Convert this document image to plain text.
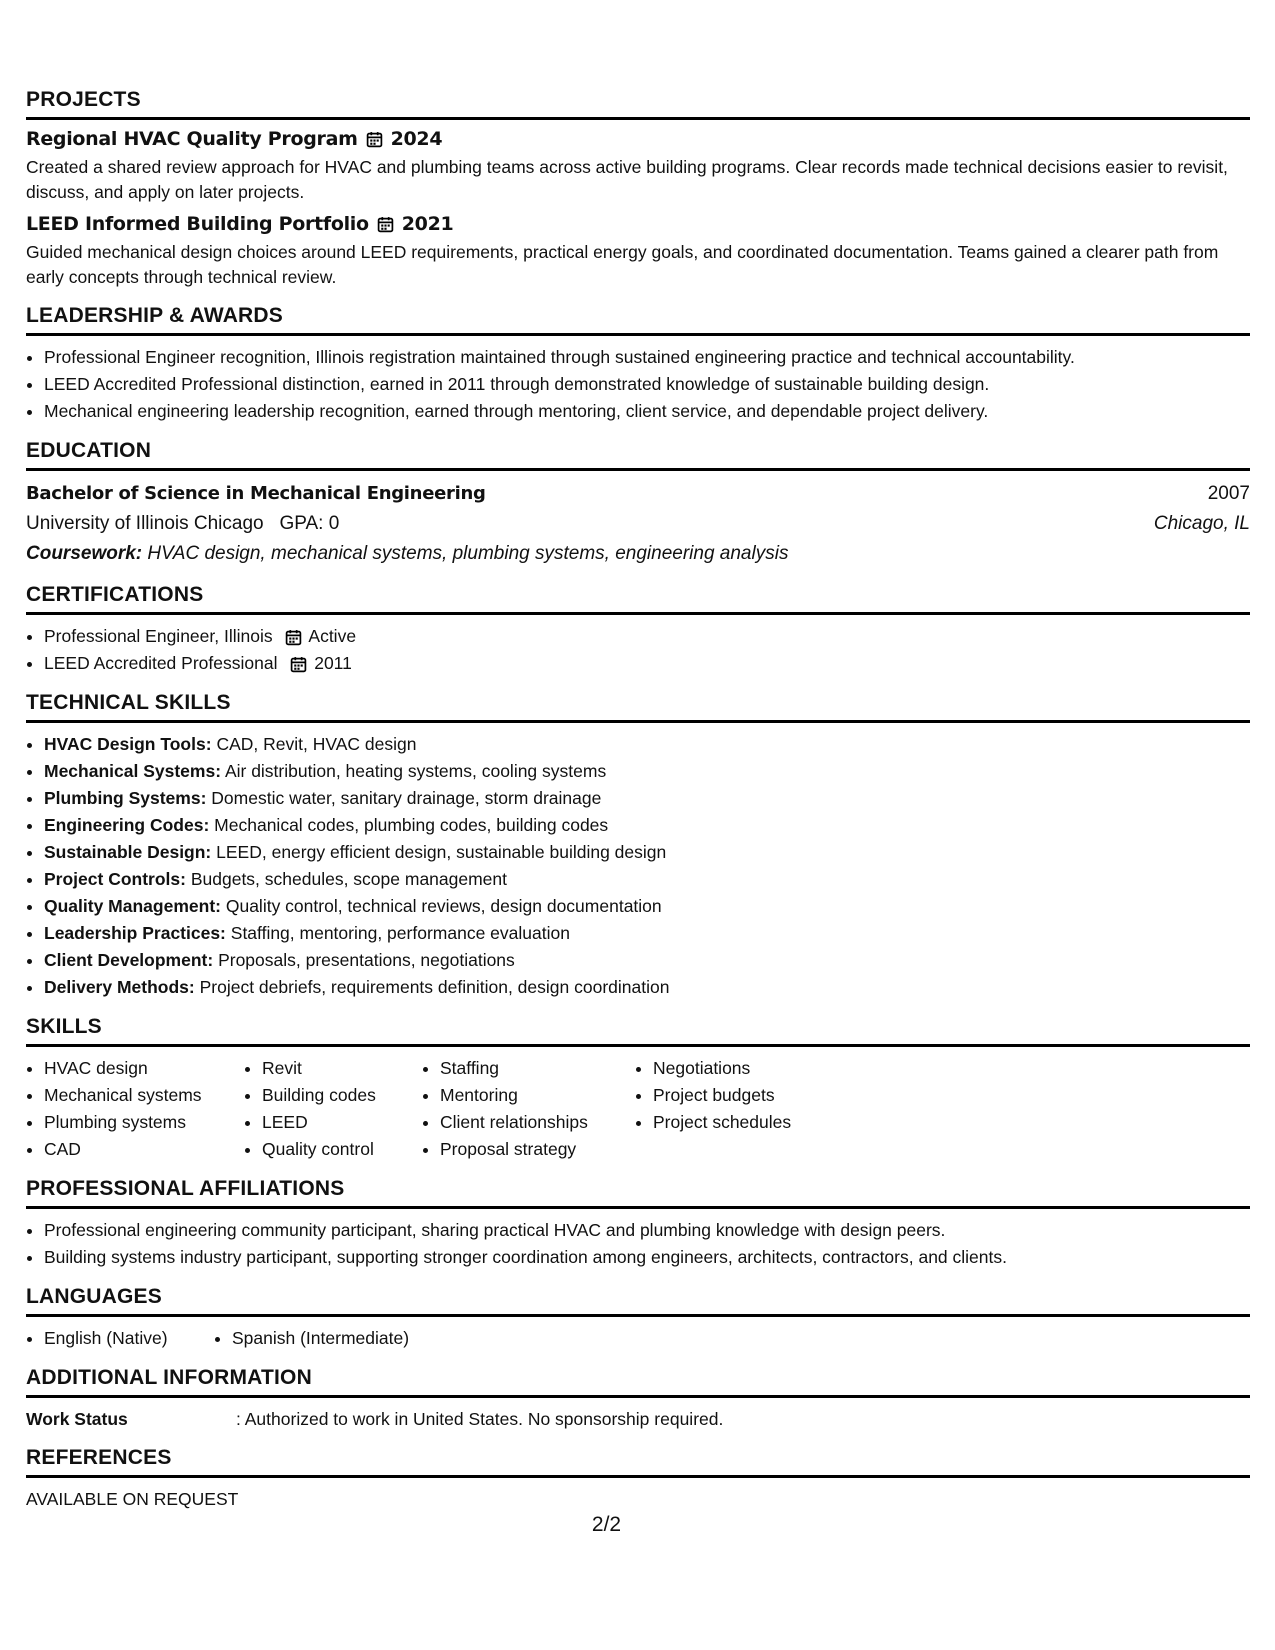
PROJECTS
Regional HVAC Quality Program 2024
Created a shared review approach for HVAC and plumbing teams across active building programs. Clear records made technical decisions easier to revisit, discuss, and apply on later projects.
LEED Informed Building Portfolio 2021
Guided mechanical design choices around LEED requirements, practical energy goals, and coordinated documentation. Teams gained a clearer path from early concepts through technical review.
LEADERSHIP & AWARDS
• Professional Engineer recognition, Illinois registration maintained through sustained engineering practice and technical accountability.
• LEED Accredited Professional distinction, earned in 2011 through demonstrated knowledge of sustainable building design.
• Mechanical engineering leadership recognition, earned through mentoring, client service, and dependable project delivery.
EDUCATION
Bachelor of Science in Mechanical Engineering	2007
University of Illinois Chicago GPA: 0	Chicago, IL
Coursework: HVAC design, mechanical systems, plumbing systems, engineering analysis
CERTIFICATIONS
• Professional Engineer, Illinois Active
• LEED Accredited Professional 2011
TECHNICAL SKILLS
• HVAC Design Tools: CAD, Revit, HVAC design
• Mechanical Systems: Air distribution, heating systems, cooling systems
• Plumbing Systems: Domestic water, sanitary drainage, storm drainage
• Engineering Codes: Mechanical codes, plumbing codes, building codes
• Sustainable Design: LEED, energy efficient design, sustainable building design
• Project Controls: Budgets, schedules, scope management
• Quality Management: Quality control, technical reviews, design documentation
• Leadership Practices: Staffing, mentoring, performance evaluation
• Client Development: Proposals, presentations, negotiations
• Delivery Methods: Project debriefs, requirements definition, design coordination
SKILLS
• HVAC design
• Mechanical systems
• Plumbing systems
• CAD
• Revit
• Building codes
• LEED
• Quality control
• Staffing
• Mentoring
• Client relationships
• Proposal strategy
• Negotiations
• Project budgets
• Project schedules
PROFESSIONAL AFFILIATIONS
• Professional engineering community participant, sharing practical HVAC and plumbing knowledge with design peers.
• Building systems industry participant, supporting stronger coordination among engineers, architects, contractors, and clients.
LANGUAGES
• English (Native)
•	Spanish (Intermediate)
ADDITIONAL INFORMATION
Work Status	: Authorized to work in United States. No sponsorship required.
REFERENCES
AVAILABLE ON REQUEST
2/2
